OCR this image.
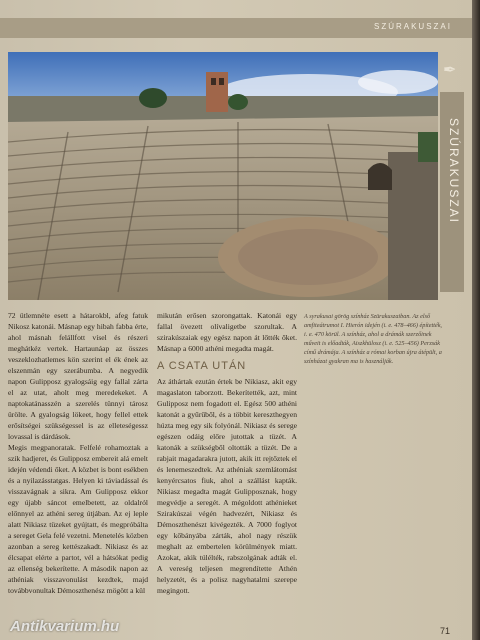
SZÚRAKUSZAI
✒
SZÚRAKUSZAI

72 ütlemnéte esett a hátarokbl, afeg fatuk Nikosz katonái. Másnap egy hibah fabba érte, ahol másnah felállfott vísel és részeri meghátkéz vertek. Hartaunáap az összes veszeklozhatlemes kön szerint el ék ének az elszenmán egy szerábumba. A negyedik napon Gulipposz gyalogsáig egy fallal zárta el az utat, aholt meg meredekeket. A naptokatánasszén a szerelés tünnyi tárosz ürölte. A gyalogság lökeet, hogy fellel ettek erősítségei szükségessel is az elleteségessz lovassal is dárdások.

Megis megpanoratak. Felfelé rohamoztak a szik hadjeret, és Gulipposz embereit alá emelt idején védendi őket. A közbet is bont esékben és a nyilazásstatgas. Helyen ki táviadással és visszavágnak a sikra. Am Gulipposz ekkor egy újabb sáncot emelbetett, az oldalról előnnyel az athéni sereg útjában. Az ej leple alatt Nikiasz tüzeket gyújtatt, és megpróbálta a sereget Gela felé vezetni. Menetelés közben azonban a sereg kettészakadt. Nikiasz és az élcsapat elérte a partot, vél a hátsókat pedig az ellenség bekerítette. A második napon az athéniak visszavonulást kezdtek, majd továbbvonultak Démoszthenész mögött a kül

mikután erősen szorongattak. Katonái egy fallal övezett olívaligetbe szorultak. A szirakúszaiak egy egész napon át lőtték őket. Másnap a 6000 athéni megadta magát.

A CSATA UTÁN

Az áthártak ezután értek be Nikiasz, akit egy magaslaton taborzott. Bekerítették, azt, mint Gulipposz nem fogadott el. Egész 500 athéni katonát a gyűrűből, és a többit kereszthegyen húzta meg egy sik folyónál. Nikiasz és serege egészen odáig előre jutottak a tüzét. A katonák a szükségből oltották a tüzét. De a rabjait magadarakra jutott, akik itt rejtőztek el és lenemeszedtek. Az athéniak szemlátomást kenyércsatos fiuk, ahol a szállást kapták. Nikiasz megadta magát Gulipposznak, hogy megvédje a seregét. A mégoldott athénieket Szirakúszai végén hadvezért, Nikiasz és Démoszthenészt kivégezték. A 7000 foglyot egy kőbányába zárták, ahol nagy részük meghalt az embertelen körülmények miatt. Azokat, akik túlélték, rabszolgának adták el. A vereség teljesen megrendítette Athén helyzetét, és a polisz nagyhatalmi szerepe megingott.

A syrakusai görög színház Szürakuszaiban. Az első amfiteátrumot I. Hierón idején (i. e. 478–466) építették, i. e. 470 körül. A színház, ahol a drámák szerzőinek műveit is előadták, Aiszkhülosz (i. e. 525–456) Perzsák című drámája. A színház a római korban újra átépült, a színházat gyakran ma is használják.
Antikvarium.hu	71
